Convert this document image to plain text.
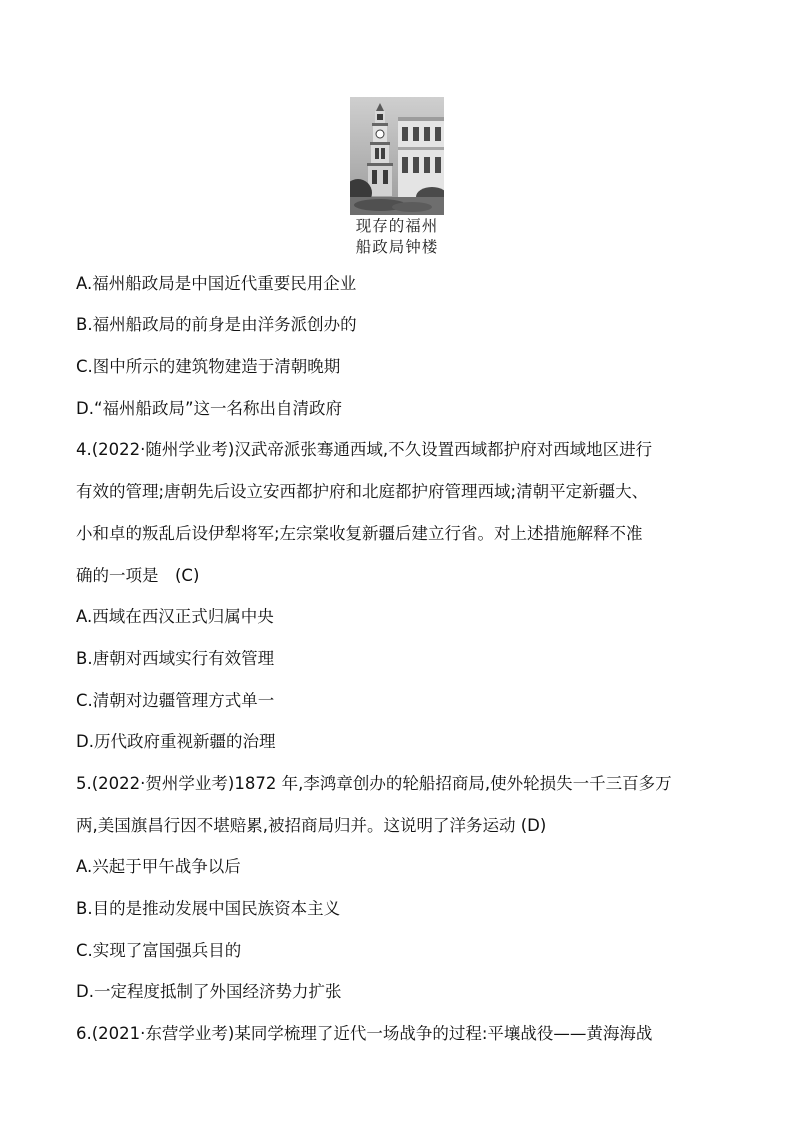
现存的福州
船政局钟楼
A.福州船政局是中国近代重要民用企业
B.福州船政局的前身是由洋务派创办的
C.图中所示的建筑物建造于清朝晚期
D.“福州船政局”这一名称出自清政府
4.(2022·随州学业考)汉武帝派张骞通西域,不久设置西域都护府对西域地区进行
有效的管理;唐朝先后设立安西都护府和北庭都护府管理西域;清朝平定新疆大、
小和卓的叛乱后设伊犁将军;左宗棠收复新疆后建立行省。对上述措施解释不准
确的一项是　(C)
A.西域在西汉正式归属中央
B.唐朝对西域实行有效管理
C.清朝对边疆管理方式单一
D.历代政府重视新疆的治理
5.(2022·贺州学业考)1872 年,李鸿章创办的轮船招商局,使外轮损失一千三百多万
两,美国旗昌行因不堪赔累,被招商局归并。这说明了洋务运动 (D)
A.兴起于甲午战争以后
B.目的是推动发展中国民族资本主义
C.实现了富国强兵目的
D.一定程度抵制了外国经济势力扩张
6.(2021·东营学业考)某同学梳理了近代一场战争的过程:平壤战役——黄海海战
